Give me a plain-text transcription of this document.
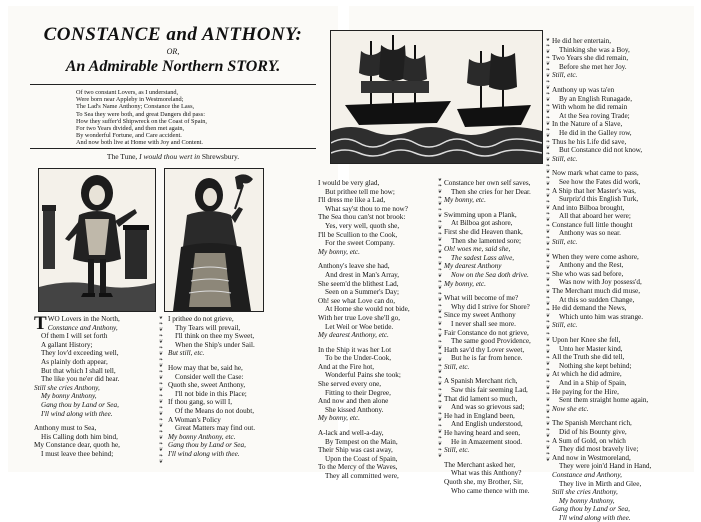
CONSTANCE and ANTHONY:
OR,
An Admirable Northern STORY.
Of two constant Lovers, as I understand,
Were born near Appleby in Westmoreland;
The Lad's Name Anthony; Constance the Lass,
To Sea they were both, and great Dangers did pass:
How they suffer'd Shipwreck on the Coast of Spain,
For two Years divided, and then met again,
By wonderful Fortune, and Care accident.
And now both live at Home with Joy and Content.
The Tune, I would thou wert in Shrewsbury.
TWO Lovers in the North,
Constance and Anthony,
Of them I will set forth
A gallant History;
They lov'd exceeding well,
As plainly doth appear,
But that which I shall tell,
The like you ne'er did hear.
Still she cries Anthony,
My bonny Anthony,
Gang thou by Land or Sea,
I'll wind along with thee.
Anthony must to Sea,
His Calling doth him bind,
My Constance dear, quoth he,
I must leave thee behind;
❦
❧
❦
❧
❦
❧
❦
❧
❦
❧
❦
❧
❦
❧
❦
❧
❦
❧
❦
❧
❦
❧
❦
❧
❦

I prithee do not grieve,
Thy Tears will prevail,
I'll think on thee my Sweet,
When the Ship's under Sail.
But still, etc.
How may that be, said he,
Consider well the Case:
Quoth she, sweet Anthony,
I'll not bide in this Place;
If thou gang, so will I,
Of the Means do not doubt,
A Woman's Policy
Great Matters may find out.
My bonny Anthony, etc.
Gang thou by Land or Sea,
I'll wind along with thee.
I would be very glad,
But prithee tell me how;
I'll dress me like a Lad,
What say'st thou to me now?
The Sea thou can'st not brook:
Yes, very well, quoth she,
I'll be Scullion to the Cook,
For the sweet Company.
My bonny, etc.
Anthony's leave she had,
And drest in Man's Array,
She seem'd the blithest Lad,
Seen on a Summer's Day;
Oh! see what Love can do,
At Home she would not bide,
With her true Love she'll go,
Let Weil or Woe betide.
My dearest Anthony, etc.
In the Ship it was her Lot
To be the Under-Cook,
And at the Fire hot,
Wonderful Pains she took;
She served every one,
Fitting to their Degree,
And now and then alone
She kissed Anthony.
My bonny, etc.
A-lack and well-a-day,
By Tempest on the Main,
Their Ship was cast away,
Upon the Coast of Spain,
To the Mercy of the Waves,
They all committed were,
❦
❧
❦
❧
❦
❧
❦
❧
❦
❧
❦
❧
❦
❧
❦
❧
❦
❧
❦
❧
❦
❧
❦
❧
❦
❧
❦
❧
❦
❧
❦
❧
❦
❧
❦
❧
❦
❧
❦
❧
❦
❧
❦
❧
❦
❧
❦

Constance her own self saves,
Then she cries for her Dear.
My bonny, etc.
Swimming upon a Plank,
At Bilboa got ashore,
First she did Heaven thank,
Then she lamented sore;
Oh! woes me, said she,
The sadest Lass alive,
My dearest Anthony
Now on the Sea doth drive.
My bonny, etc.
What will become of me?
Why did I strive for Shore?
Since my sweet Anthony
I never shall see more.
Fair Constance do not grieve,
The same good Providence,
Hath sav'd thy Lover sweet,
But he is far from hence.
Still, etc.
A Spanish Merchant rich,
Saw this fair seeming Lad,
That did lament so much,
And was so grievous sad;
He had in England been,
And English understood,
He having heard and seen,
He in Amazement stood.
Still, etc.
The Merchant asked her,
What was this Anthony?
Quoth she, my Brother, Sir,
Who came thence with me.
❦
❧
❦
❧
❦
❧
❦
❧
❦
❧
❦
❧
❦
❧
❦
❧
❦
❧
❦
❧
❦
❧
❦
❧
❦
❧
❦
❧
❦
❧
❦
❧
❦
❧
❦
❧
❦
❧
❦
❧
❦
❧
❦
❧
❦
❧
❦
❧
❦
❧
❦
❧
❦
❧
❦
❧
❦
❧
❦
❧
❦
❧
❦
❧
❦
❧
❦
❧
❦
❧
❦

He did her entertain,
Thinking she was a Boy,
Two Years she did remain,
Before she met her Joy.
Still, etc.
Anthony up was ta'en
By an English Runagade,
With whom he did remain
At the Sea roving Trade;
In the Nature of a Slave,
He did in the Galley row,
Thus he his Life did save,
But Constance did not know,
Still, etc.
Now mark what came to pass,
See how the Fates did work,
A Ship that her Master's was,
Surpriz'd this English Turk,
And into Bilboa brought,
All that aboard her were;
Constance full little thought
Anthony was so near.
Still, etc.
When they were come ashore,
Anthony and the Rest,
She who was sad before,
Was now with Joy possess'd,
The Merchant much did muse,
At this so sudden Change,
He did demand the News,
Which unto him was strange.
Still, etc.
Upon her Knee she fell,
Unto her Master kind,
All the Truth she did tell,
Nothing she kept behind;
At which he did admire,
And in a Ship of Spain,
He paying for the Hire,
Sent them straight home again,
Now she etc.
The Spanish Merchant rich,
Did of his Bounty give,
A Sum of Gold, on which
They did most bravely live;
And now in Westmoreland,
They were join'd Hand in Hand,
Constance and Anthony,
They live in Mirth and Glee,
Still she cries Anthony,
My bonny Anthony,
Gang thou by Land or Sea,
I'll wind along with thee.
